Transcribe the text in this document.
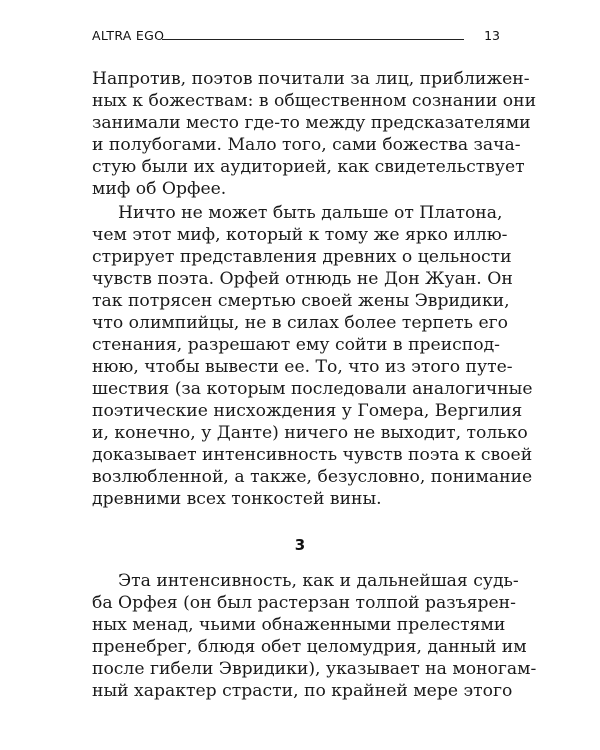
ALTRA EGO	13
Напротив, поэтов почитали за лиц, приближен-
ных к божествам: в общественном сознании они
занимали место где-то между предсказателями
и полубогами. Мало того, сами божества зача-
стую были их аудиторией, как свидетельствует
миф об Орфее.
Ничто не может быть дальше от Платона,
чем этот миф, который к тому же ярко иллю-
стрирует представления древних о цельности
чувств поэта. Орфей отнюдь не Дон Жуан. Он
так потрясен смертью своей жены Эвридики,
что олимпийцы, не в силах более терпеть его
стенания, разрешают ему сойти в преиспод-
нюю, чтобы вывести ее. То, что из этого путе-
шествия (за которым последовали аналогичные
поэтические нисхождения у Гомера, Вергилия
и, конечно, у Данте) ничего не выходит, только
доказывает интенсивность чувств поэта к своей
возлюбленной, а также, безусловно, понимание
древними всех тонкостей вины.
3
Эта интенсивность, как и дальнейшая судь-
ба Орфея (он был растерзан толпой разъярен-
ных менад, чьими обнаженными прелестями
пренебрег, блюдя обет целомудрия, данный им
после гибели Эвридики), указывает на моногам-
ный характер страсти, по крайней мере этого
